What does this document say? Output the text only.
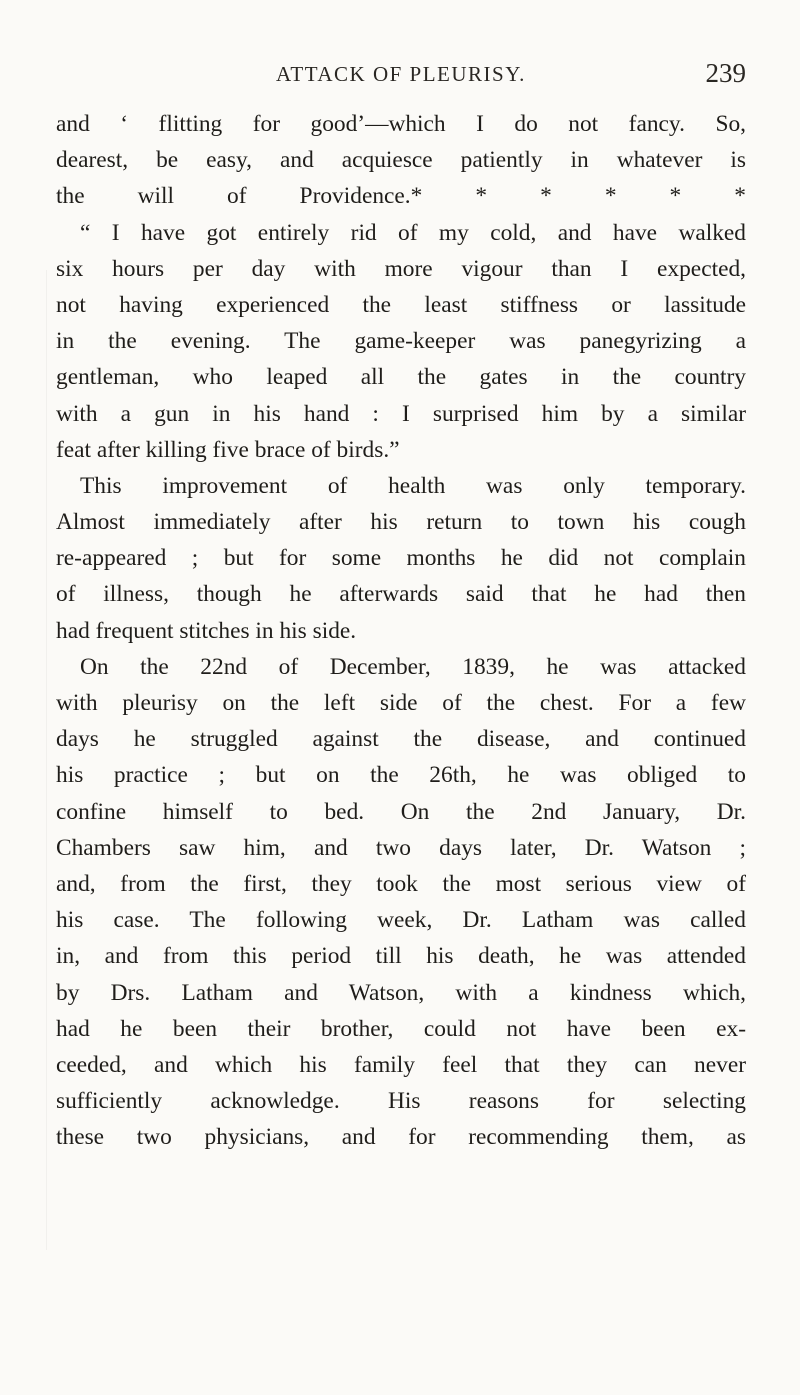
ATTACK OF PLEURISY.	239
and ‘ flitting for good’—which I do not fancy. So,
dearest, be easy, and acquiesce patiently in whatever is
the will of Providence.* * * * * *
“ I have got entirely rid of my cold, and have walked
six hours per day with more vigour than I expected,
not having experienced the least stiffness or lassitude
in the evening. The game-keeper was panegyrizing a
gentleman, who leaped all the gates in the country
with a gun in his hand : I surprised him by a similar
feat after killing five brace of birds.”
This improvement of health was only temporary.
Almost immediately after his return to town his cough
re-appeared ; but for some months he did not complain
of illness, though he afterwards said that he had then
had frequent stitches in his side.
On the 22nd of December, 1839, he was attacked
with pleurisy on the left side of the chest. For a few
days he struggled against the disease, and continued
his practice ; but on the 26th, he was obliged to
confine himself to bed. On the 2nd January, Dr.
Chambers saw him, and two days later, Dr. Watson ;
and, from the first, they took the most serious view of
his case. The following week, Dr. Latham was called
in, and from this period till his death, he was attended
by Drs. Latham and Watson, with a kindness which,
had he been their brother, could not have been ex-
ceeded, and which his family feel that they can never
sufficiently acknowledge. His reasons for selecting
these two physicians, and for recommending them, as
